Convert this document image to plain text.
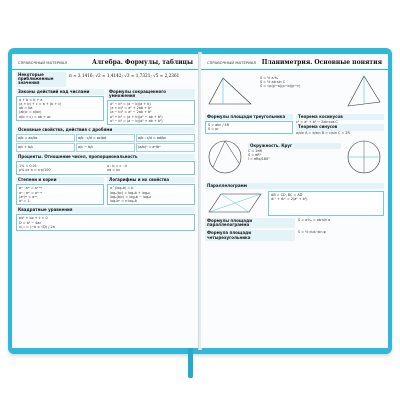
СПРАВОЧНЫЙ МАТЕРИАЛ	Алгебра. Формулы, таблицы
Некоторые приближенные значения
π ≈ 3,1416; √2 ≈ 1,4142; √3 ≈ 1,7321; √5 ≈ 2,2361
Законы действий над числами
a + b = b + a
(a + b) + c = a + (b + c)
ab = ba
(ab)c = a(bc)
a(b + c) = ab + ac
Формулы сокращенного умножения
a² − b² = (a − b)(a + b)
(a + b)² = a² + 2ab + b²
(a − b)² = a² − 2ab + b²
a³ + b³ = (a + b)(a² − ab + b²)
a³ − b³ = (a − b)(a² + ab + b²)
Основные свойства, действия с дробями
a/b = ac/bc	a/b · c/d = ac/bd	a/b : c/d = ad/bc
a/c + b/c	a/c − b/c	(a/b)ⁿ = aⁿ/bⁿ
Проценты. Отношение чисел, пропорциональность
1% = 0,01
p% от a = a·p/100
a : b = c : d
ad = bc
Степени и корни
aⁿ · aᵐ = aⁿ⁺ᵐ
aⁿ : aᵐ = aⁿ⁻ᵐ
(aⁿ)ᵐ = aⁿᵐ
a⁰ = 1
Логарифмы и их свойства
a^(logₐb) = b
logₐ(bc) = logₐb + logₐc
logₐ(b/c) = logₐb − logₐc
logₐbⁿ = n·logₐb
Квадратные уравнения
ax² + bx + c = 0
D = b² − 4ac
x₁,₂ = (−b ± √D) / 2a
СПРАВОЧНЫЙ МАТЕРИАЛ Планиметрия. Основные понятия
S = ½ a·hₐ
S = ½ ab·sin C
S = √p(p−a)(p−b)(p−c)
Формулы площади треугольника
S = abc / 4R
S = pr
Теорема косинусов
c² = a² + b² − 2ab·cos C
Теорема синусов
a/sin A = b/sin B = c/sin C = 2R
Окружность. Круг
C = 2πR
S = πR²
l = πRα/180°
Параллелограмм
AB = CD, BC = AD
d₁² + d₂² = 2(a² + b²)
Формулы площади параллелограмма
S = a·hₐ = ab·sin α
Формула площади четырехугольника
S = ½ d₁d₂·sin φ
